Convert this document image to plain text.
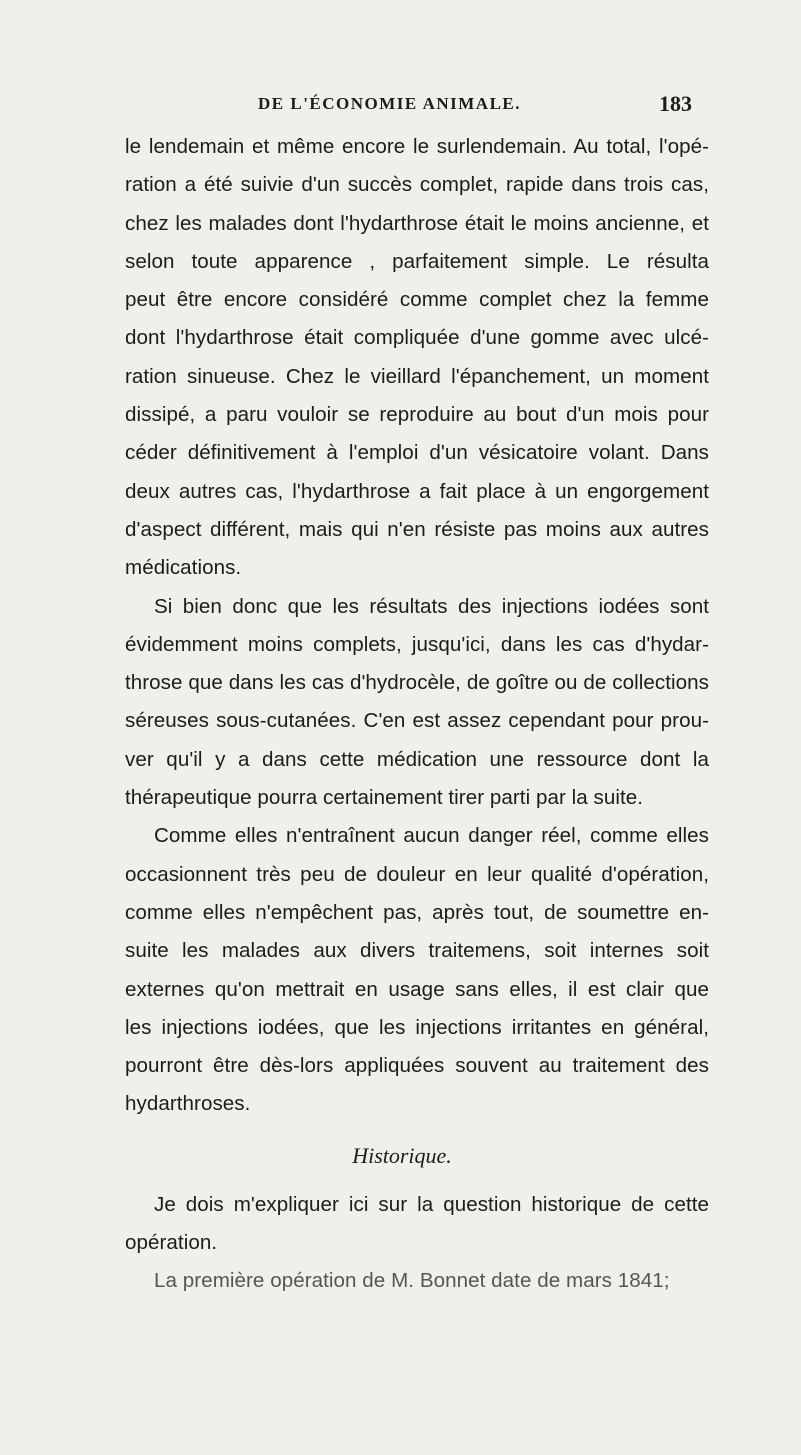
DE L'ÉCONOMIE ANIMALE.	183
le lendemain et même encore le surlendemain. Au total, l'opé-
ration a été suivie d'un succès complet, rapide dans trois cas,
chez les malades dont l'hydarthrose était le moins ancienne, et
selon toute apparence , parfaitement simple. Le résulta
peut être encore considéré comme complet chez la femme
dont l'hydarthrose était compliquée d'une gomme avec ulcé-
ration sinueuse. Chez le vieillard l'épanchement, un moment
dissipé, a paru vouloir se reproduire au bout d'un mois pour
céder définitivement à l'emploi d'un vésicatoire volant. Dans
deux autres cas, l'hydarthrose a fait place à un engorgement
d'aspect différent, mais qui n'en résiste pas moins aux autres
médications.
Si bien donc que les résultats des injections iodées sont
évidemment moins complets, jusqu'ici, dans les cas d'hydar-
throse que dans les cas d'hydrocèle, de goître ou de collections
séreuses sous-cutanées. C'en est assez cependant pour prou-
ver qu'il y a dans cette médication une ressource dont la
thérapeutique pourra certainement tirer parti par la suite.
Comme elles n'entraînent aucun danger réel, comme elles
occasionnent très peu de douleur en leur qualité d'opération,
comme elles n'empêchent pas, après tout, de soumettre en-
suite les malades aux divers traitemens, soit internes soit
externes qu'on mettrait en usage sans elles, il est clair que
les injections iodées, que les injections irritantes en général,
pourront être dès-lors appliquées souvent au traitement des
hydarthroses.
Historique.
Je dois m'expliquer ici sur la question historique de cette
opération.
La première opération de M. Bonnet date de mars 1841;
